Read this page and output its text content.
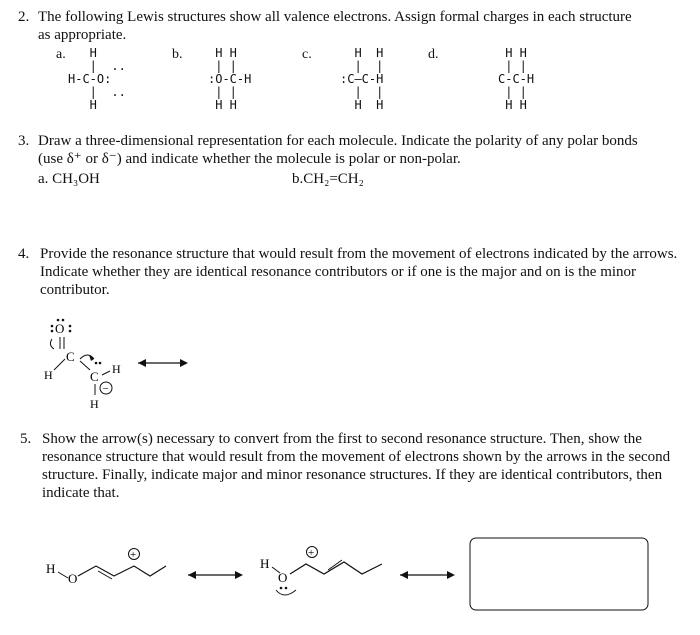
2. The following Lewis structures show all valence electrons. Assign formal charges in each structure as appropriate.
a.	b.	c.	d.
H
|  ..
H-C-O:
|  ..
H
H H
| |
:O-C-H
| |
H H
H  H
|  |
:C—C-H
|  |
H  H
H H
| |
C-C-H
| |
H H
3. Draw a three-dimensional representation for each molecule. Indicate the polarity of any polar bonds (use δ⁺ or δ⁻) and indicate whether the molecule is polar or non-polar.
a. CH₃OH	b.CH₂=CH₂
4. Provide the resonance structure that would result from the movement of electrons indicated by the arrows. Indicate whether they are identical resonance contributors or if one is the major and on is the minor contributor.
O
C
H	C H
−
H
5. Show the arrow(s) necessary to convert from the first to second resonance structure. Then, show the resonance structure that would result from the movement of electrons shown by the arrows in the second structure. Finally, indicate major and minor resonance structures. If they are identical contributors, then indicate that.
H
O
+
H
O
+
